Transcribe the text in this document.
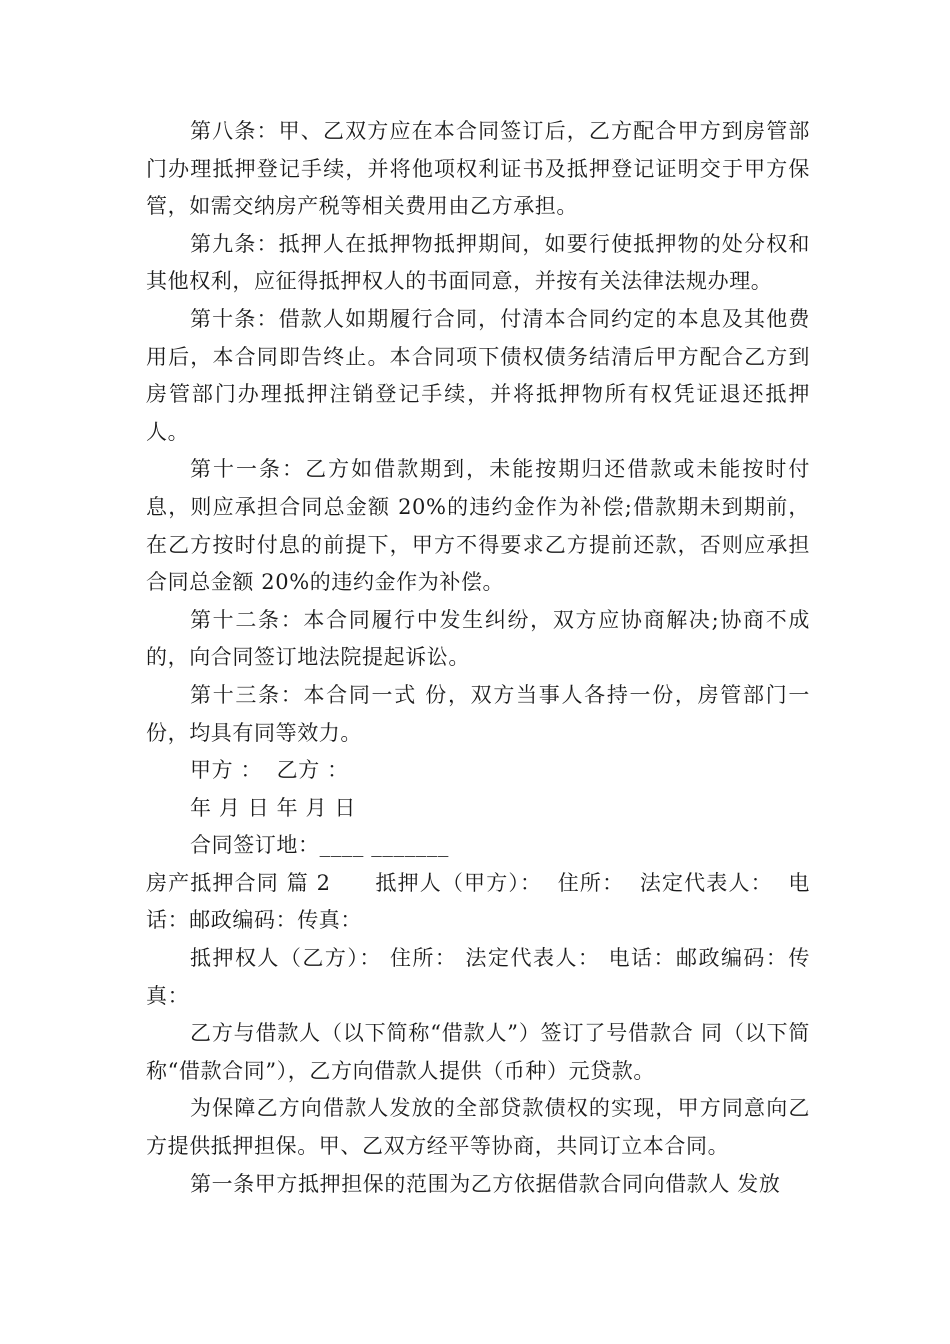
第八条：甲、乙双方应在本合同签订后，乙方配合甲方到房管部门办理抵押登记手续，并将他项权利证书及抵押登记证明交于甲方保管，如需交纳房产税等相关费用由乙方承担。

第九条：抵押人在抵押物抵押期间，如要行使抵押物的处分权和其他权利，应征得抵押权人的书面同意，并按有关法律法规办理。

第十条：借款人如期履行合同，付清本合同约定的本息及其他费用后，本合同即告终止。本合同项下债权债务结清后甲方配合乙方到房管部门办理抵押注销登记手续，并将抵押物所有权凭证退还抵押人。

第十一条：乙方如借款期到，未能按期归还借款或未能按时付息，则应承担合同总金额 20%的违约金作为补偿;借款期未到期前，在乙方按时付息的前提下，甲方不得要求乙方提前还款，否则应承担合同总金额 20%的违约金作为补偿。

第十二条：本合同履行中发生纠纷，双方应协商解决;协商不成的，向合同签订地法院提起诉讼。

第十三条：本合同一式 份，双方当事人各持一份，房管部门一份，均具有同等效力。

甲方 ：  乙方 ：

年 月 日 年 月 日

合同签订地：____ _______

房产抵押合同 篇 2　　抵押人（甲方）：  住所：  法定代表人：  电话：邮政编码：传真：

抵押权人（乙方）： 住所： 法定代表人： 电话：邮政编码：传真：

乙方与借款人（以下简称“借款人”）签订了号借款合 同（以下简称“借款合同”），乙方向借款人提供（币种）元贷款。

为保障乙方向借款人发放的全部贷款债权的实现，甲方同意向乙 方提供抵押担保。甲、乙双方经平等协商，共同订立本合同。

第一条甲方抵押担保的范围为乙方依据借款合同向借款人 发放
